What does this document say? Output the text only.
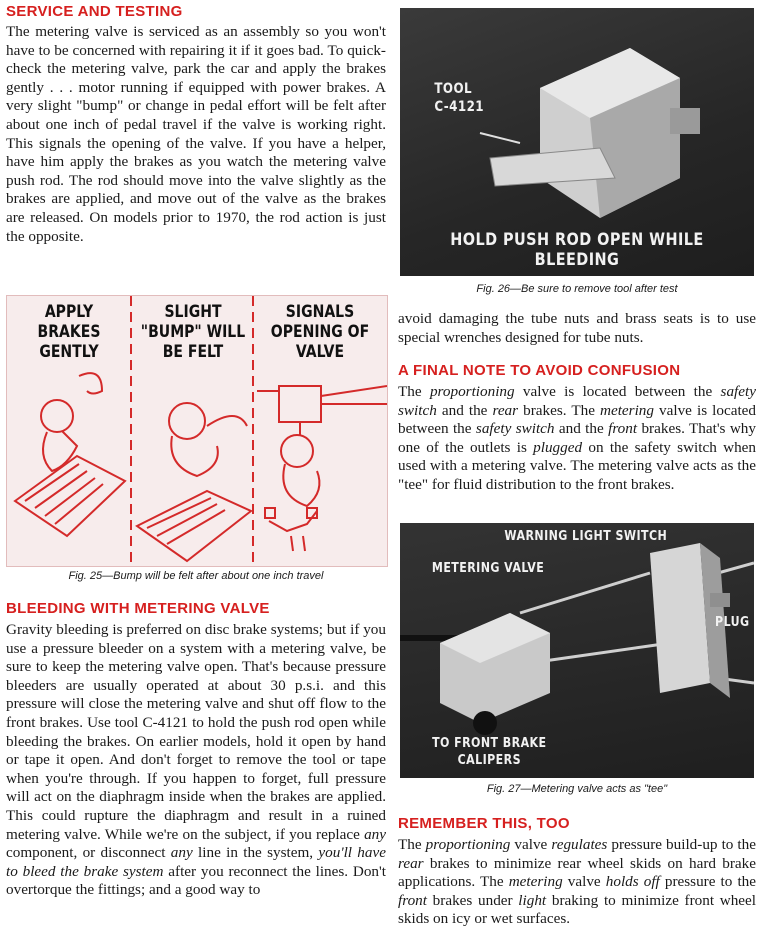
SERVICE AND TESTING

The metering valve is serviced as an assembly so you won't have to be concerned with repairing it if it goes bad. To quick-check the metering valve, park the car and apply the brakes gently . . . motor running if equipped with power brakes. A very slight "bump" or change in pedal effort will be felt after about one inch of pedal travel if the valve is working right. This signals the opening of the valve. If you have a helper, have him apply the brakes as you watch the metering valve push rod. The rod should move into the valve slightly as the brakes are applied, and move out of the valve as the brakes are released. On models prior to 1970, the rod action is just the opposite.

APPLY
BRAKES
GENTLY
SLIGHT
"BUMP" WILL
BE FELT
SIGNALS
OPENING OF
VALVE
Fig. 25—Bump will be felt after about one inch travel
BLEEDING WITH METERING VALVE

Gravity bleeding is preferred on disc brake systems; but if you use a pressure bleeder on a system with a metering valve, be sure to keep the metering valve open. That's because pressure bleeders are usually operated at about 30 p.s.i. and this pressure will close the metering valve and shut off flow to the front brakes. Use tool C-4121 to hold the push rod open while bleeding the brakes. On earlier models, hold it open by hand or tape it open. And don't forget to remove the tool or tape when you're through. If you happen to forget, full pressure will act on the diaphragm inside when the brakes are applied. This could rupture the diaphragm and result in a ruined metering valve. While we're on the subject, if you replace any component, or disconnect any line in the system, you'll have to bleed the brake system after you reconnect the lines. Don't overtorque the fittings; and a good way to

TOOL
C-4121
HOLD PUSH ROD OPEN WHILE BLEEDING
Fig. 26—Be sure to remove tool after test

avoid damaging the tube nuts and brass seats is to use special wrenches designed for tube nuts.

A FINAL NOTE TO AVOID CONFUSION

The proportioning valve is located between the safety switch and the rear brakes. The metering valve is located between the safety switch and the front brakes. That's why one of the outlets is plugged on the safety switch when used with a metering valve. The metering valve acts as the "tee" for fluid distribution to the front brakes.

WARNING LIGHT SWITCH
METERING VALVE
PLUG
TO FRONT BRAKE
CALIPERS
Fig. 27—Metering valve acts as "tee"
REMEMBER THIS, TOO

The proportioning valve regulates pressure build-up to the rear brakes to minimize rear wheel skids on hard brake applications. The metering valve holds off pressure to the front brakes under light braking to minimize front wheel skids on icy or wet surfaces.
